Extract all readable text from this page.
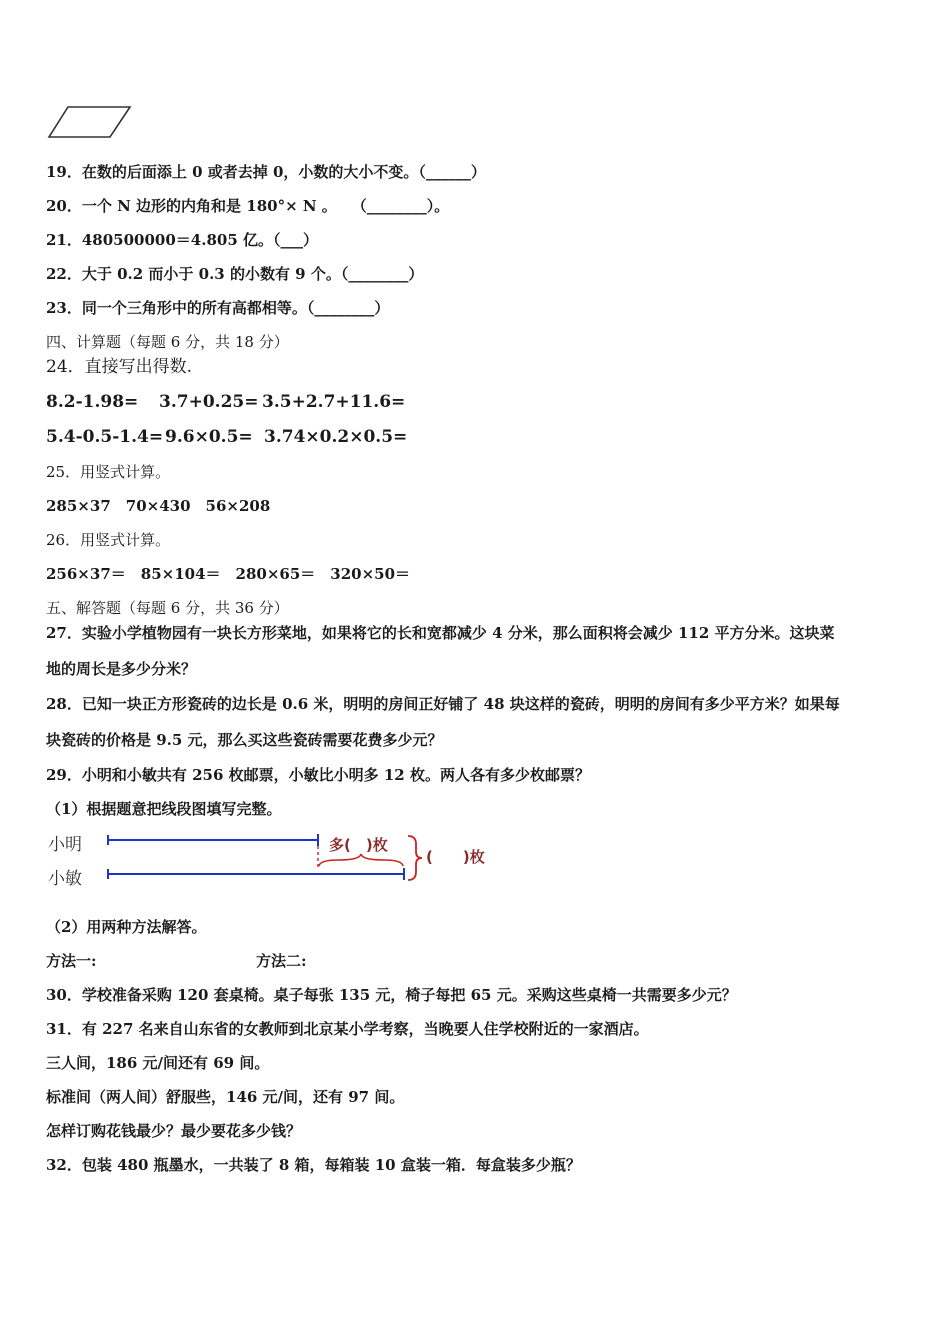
19．在数的后面添上 0 或者去掉 0，小数的大小不变。（______）
20．一个 N 边形的内角和是 180°× N 。　　（________）。
21．480500000＝4.805 亿。（___）
22．大于 0.2 而小于 0.3 的小数有 9 个。（________）
23．同一个三角形中的所有高都相等。（________）
四、计算题（每题 6 分，共 18 分）
24．直接写出得数.
8.2-1.98= 3.7+0.25= 3.5+2.7+11.6=
5.4-0.5-1.4= 9.6×0.5= 3.74×0.2×0.5=
25．用竖式计算。
285×37　70×430　56×208
26．用竖式计算。
256×37＝　85×104＝　280×65＝　320×50＝
五、解答题（每题 6 分，共 36 分）
27．实验小学植物园有一块长方形菜地，如果将它的长和宽都减少 4 分米，那么面积将会减少 112 平方分米。这块菜
地的周长是多少分米？
28．已知一块正方形瓷砖的边长是 0.6 米，明明的房间正好铺了 48 块这样的瓷砖，明明的房间有多少平方米？如果每
块瓷砖的价格是 9.5 元，那么买这些瓷砖需要花费多少元？
29．小明和小敏共有 256 枚邮票，小敏比小明多 12 枚。两人各有多少枚邮票？
（1）根据题意把线段图填写完整。
小明
小敏
多(　)枚
(　　)枚
（2）用两种方法解答。
方法一:	方法二:
30．学校准备采购 120 套桌椅。桌子每张 135 元，椅子每把 65 元。采购这些桌椅一共需要多少元？
31．有 227 名来自山东省的女教师到北京某小学考察，当晚要人住学校附近的一家酒店。
三人间，186 元/间还有 69 间。
标准间（两人间）舒服些，146 元/间，还有 97 间。
怎样订购花钱最少？最少要花多少钱？
32．包装 480 瓶墨水，一共装了 8 箱，每箱装 10 盒装一箱．每盒装多少瓶？
